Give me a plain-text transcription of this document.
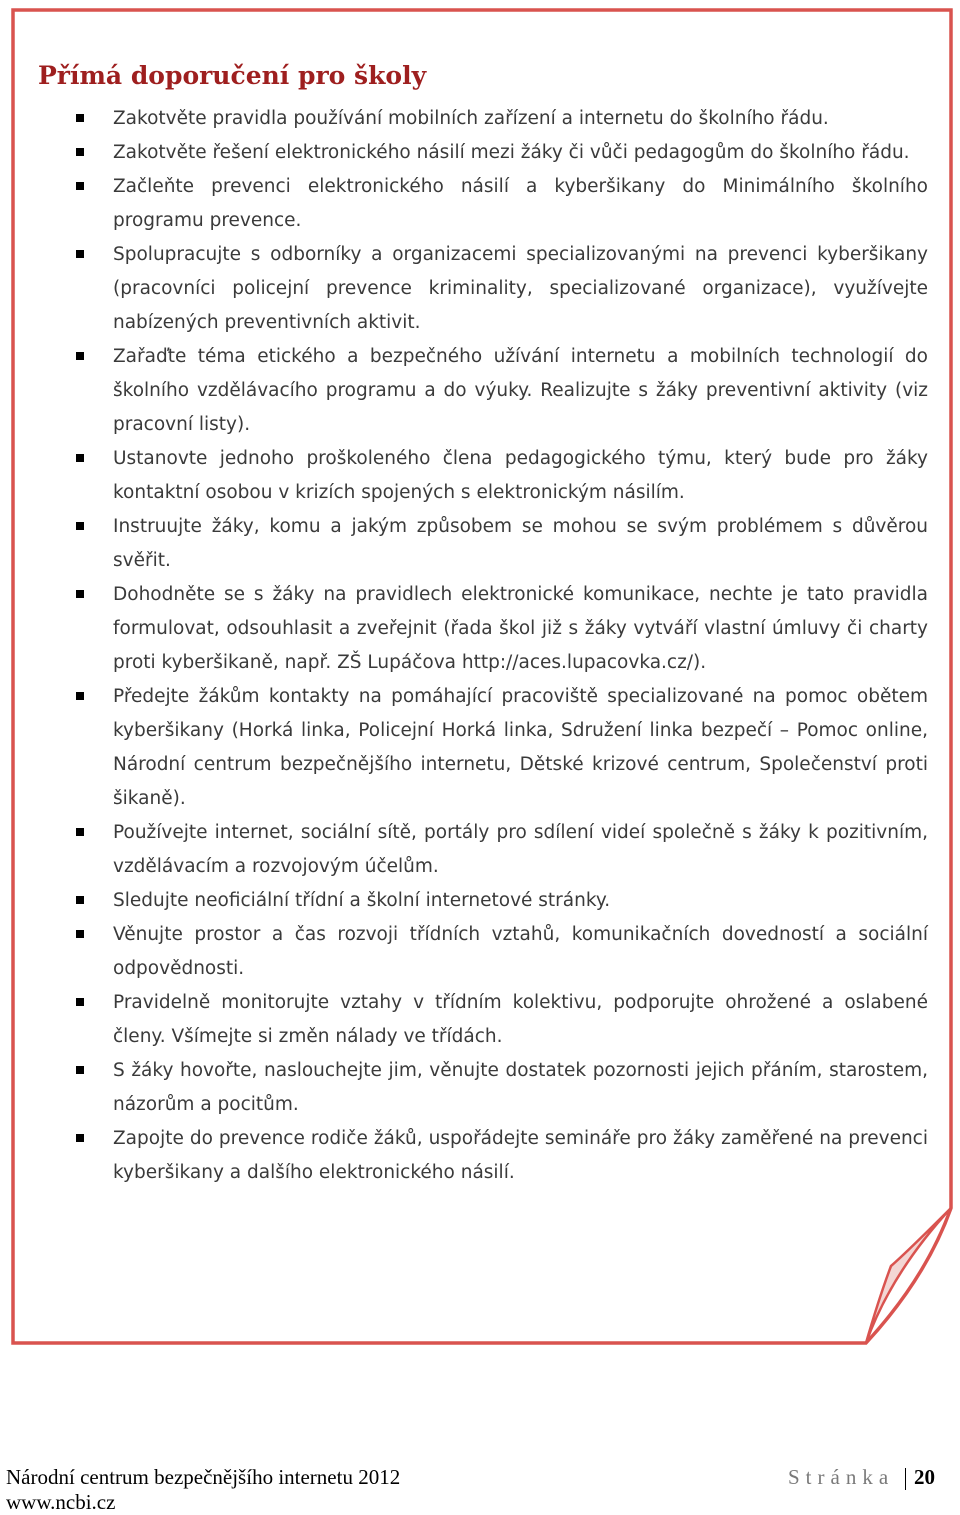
Přímá doporučení pro školy
Zakotvěte pravidla používání mobilních zařízení a internetu do školního řádu.
Zakotvěte řešení elektronického násilí mezi žáky či vůči pedagogům do školního řádu.
Začleňte prevenci elektronického násilí a kyberšikany do Minimálního školního programu prevence.
Spolupracujte s odborníky a organizacemi specializovanými na prevenci kyberšikany (pracovníci policejní prevence kriminality, specializované organizace), využívejte nabízených preventivních aktivit.
Zařaďte téma etického a bezpečného užívání internetu a mobilních technologií do školního vzdělávacího programu a do výuky. Realizujte s žáky preventivní aktivity (viz pracovní listy).
Ustanovte jednoho proškoleného člena pedagogického týmu, který bude pro žáky kontaktní osobou v krizích spojených s elektronickým násilím.
Instruujte žáky, komu a jakým způsobem se mohou se svým problémem s důvěrou svěřit.
Dohodněte se s žáky na pravidlech elektronické komunikace, nechte je tato pravidla formulovat, odsouhlasit a zveřejnit (řada škol již s žáky vytváří vlastní úmluvy či charty proti kyberšikaně, např. ZŠ Lupáčova http://aces.lupacovka.cz/).
Předejte žákům kontakty na pomáhající pracoviště specializované na pomoc obětem kyberšikany (Horká linka, Policejní Horká linka, Sdružení linka bezpečí – Pomoc online, Národní centrum bezpečnějšího internetu, Dětské krizové centrum, Společenství proti šikaně).
Používejte internet, sociální sítě, portály pro sdílení videí společně s žáky k pozitivním, vzdělávacím a rozvojovým účelům.
Sledujte neoficiální třídní a školní internetové stránky.
Věnujte prostor a čas rozvoji třídních vztahů, komunikačních dovedností a sociální odpovědnosti.
Pravidelně monitorujte vztahy v třídním kolektivu, podporujte ohrožené a oslabené členy. Všímejte si změn nálady ve třídách.
S žáky hovořte, naslouchejte jim, věnujte dostatek pozornosti jejich přáním, starostem, názorům a pocitům.
Zapojte do prevence rodiče žáků, uspořádejte semináře pro žáky zaměřené na prevenci kyberšikany a dalšího elektronického násilí.
Národní centrum bezpečnějšího internetu 2012
www.ncbi.cz
Stránka 20
